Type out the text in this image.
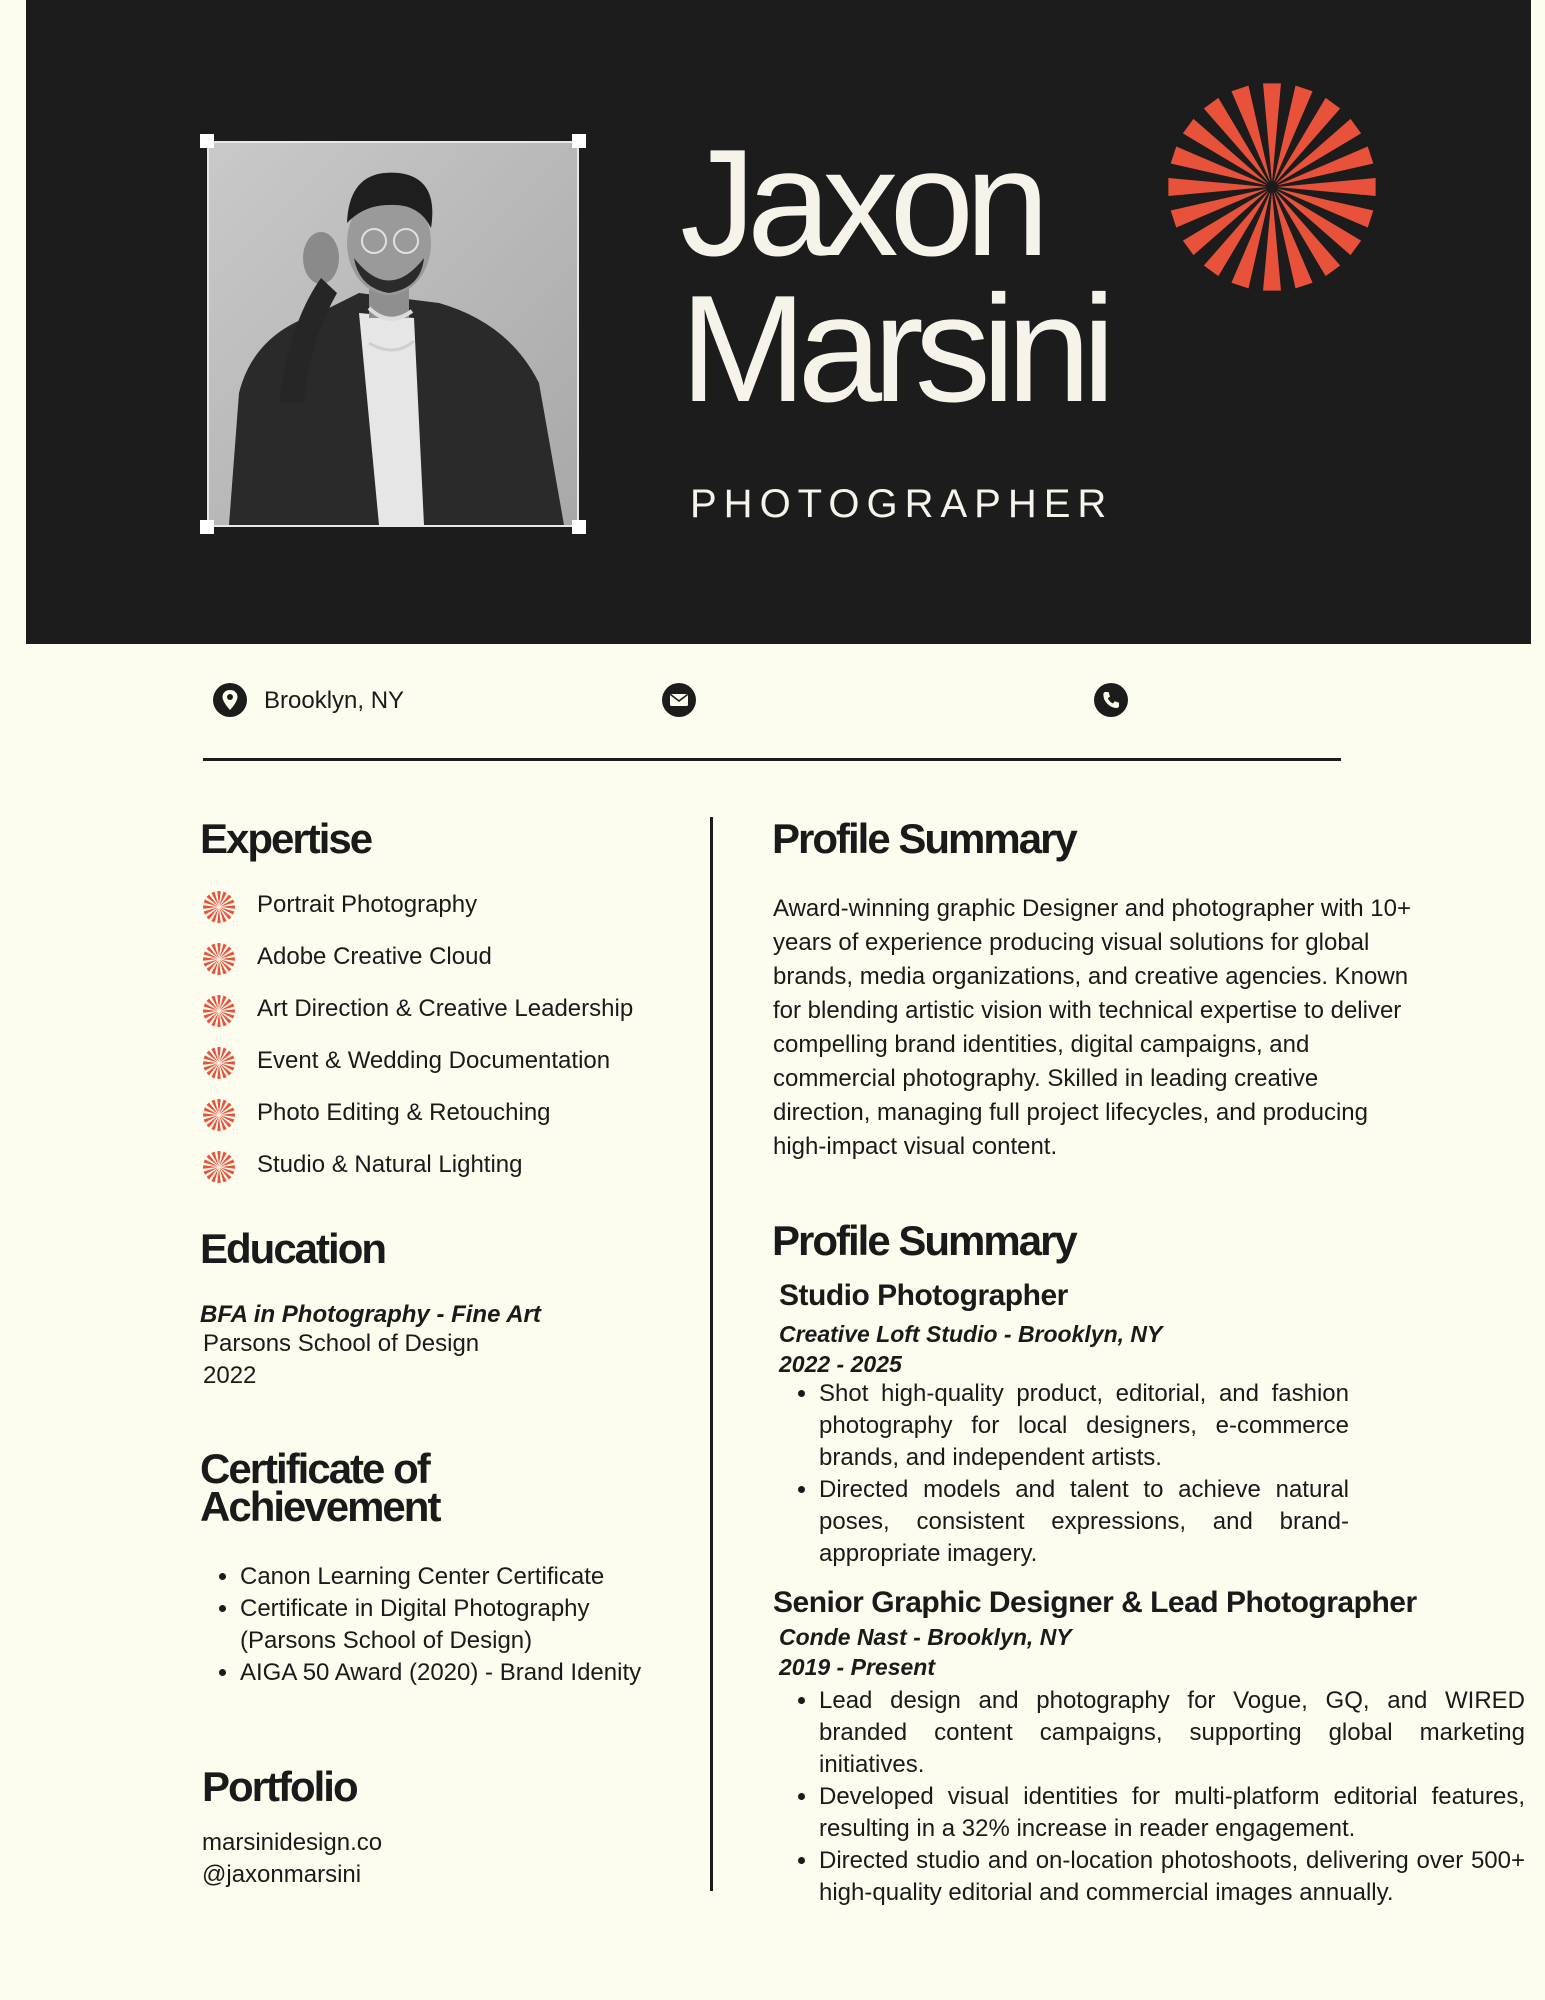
Jaxon
Marsini
PHOTOGRAPHER
Brooklyn, NY
Expertise
Portrait Photography
Adobe Creative Cloud
Art Direction & Creative Leadership
Event & Wedding Documentation
Photo Editing & Retouching
Studio & Natural Lighting
Education
BFA in Photography - Fine Art
Parsons School of Design
2022
Certificate of
Achievement
• Canon Learning Center Certificate
• Certificate in Digital Photography (Parsons School of Design)
• AIGA 50 Award (2020) - Brand Idenity
Portfolio
marsinidesign.co
@jaxonmarsini
Profile Summary
Award-winning graphic Designer and photographer with 10+ years of experience producing visual solutions for global brands, media organizations, and creative agencies. Known for blending artistic vision with technical expertise to deliver compelling brand identities, digital campaigns, and commercial photography. Skilled in leading creative direction, managing full project lifecycles, and producing high-impact visual content.
Profile Summary
Studio Photographer
Creative Loft Studio - Brooklyn, NY
2022 - 2025
• Shot high-quality product, editorial, and fashion photography for local designers, e-commerce brands, and independent artists.
• Directed models and talent to achieve natural poses, consistent expressions, and brand-appropriate imagery.
Senior Graphic Designer & Lead Photographer
Conde Nast - Brooklyn, NY
2019 - Present
• Lead design and photography for Vogue, GQ, and WIRED branded content campaigns, supporting global marketing initiatives.
• Developed visual identities for multi-platform editorial features, resulting in a 32% increase in reader engagement.
• Directed studio and on-location photoshoots, delivering over 500+ high-quality editorial and commercial images annually.
